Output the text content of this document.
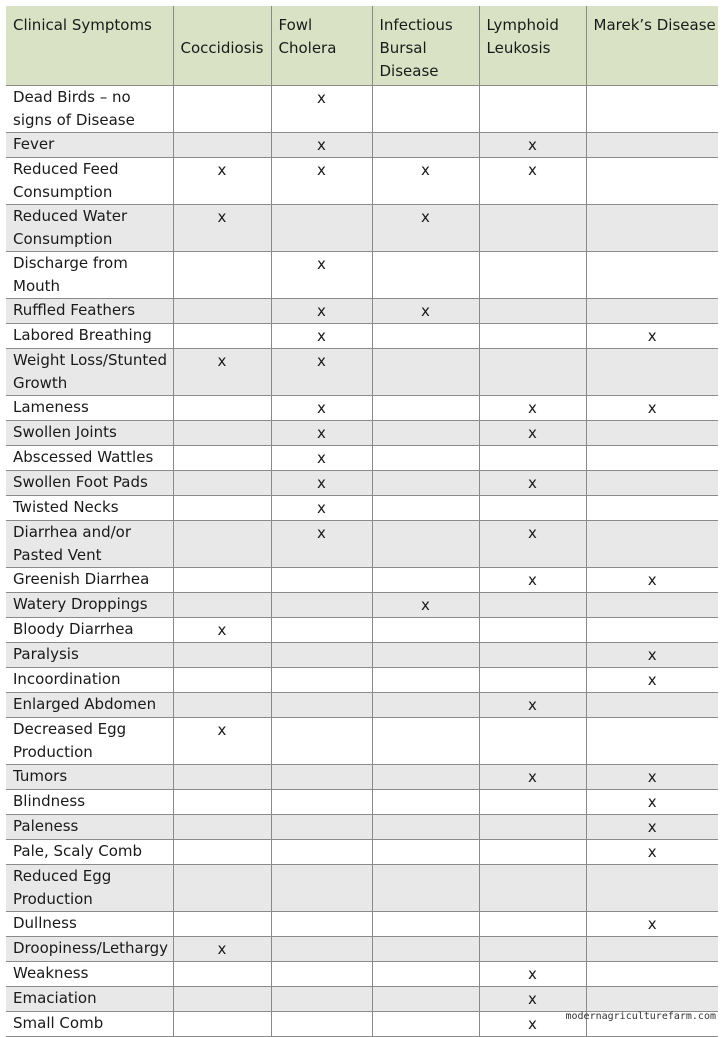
Clinical Symptoms	Coccidiosis	Fowl Cholera	Infectious Bursal Disease	Lymphoid Leukosis	Marek’s Disease
Dead Birds – no signs of Disease		x			
Fever		x		x	
Reduced Feed Consumption	x	x	x	x	
Reduced Water Consumption	x		x		
Discharge from Mouth		x			
Ruffled Feathers		x	x		
Labored Breathing		x			x
Weight Loss/Stunted Growth	x	x			
Lameness		x		x	x
Swollen Joints		x		x	
Abscessed Wattles		x			
Swollen Foot Pads		x		x	
Twisted Necks		x			
Diarrhea and/or Pasted Vent		x		x	
Greenish Diarrhea				x	x
Watery Droppings			x		
Bloody Diarrhea	x				
Paralysis					x
Incoordination					x
Enlarged Abdomen				x	
Decreased Egg Production	x				
Tumors				x	x
Blindness					x
Paleness					x
Pale, Scaly Comb					x
Reduced Egg Production					
Dullness					x
Droopiness/Lethargy	x				
Weakness				x	
Emaciation				x	
Small Comb				x		modernagriculturefarm.com
